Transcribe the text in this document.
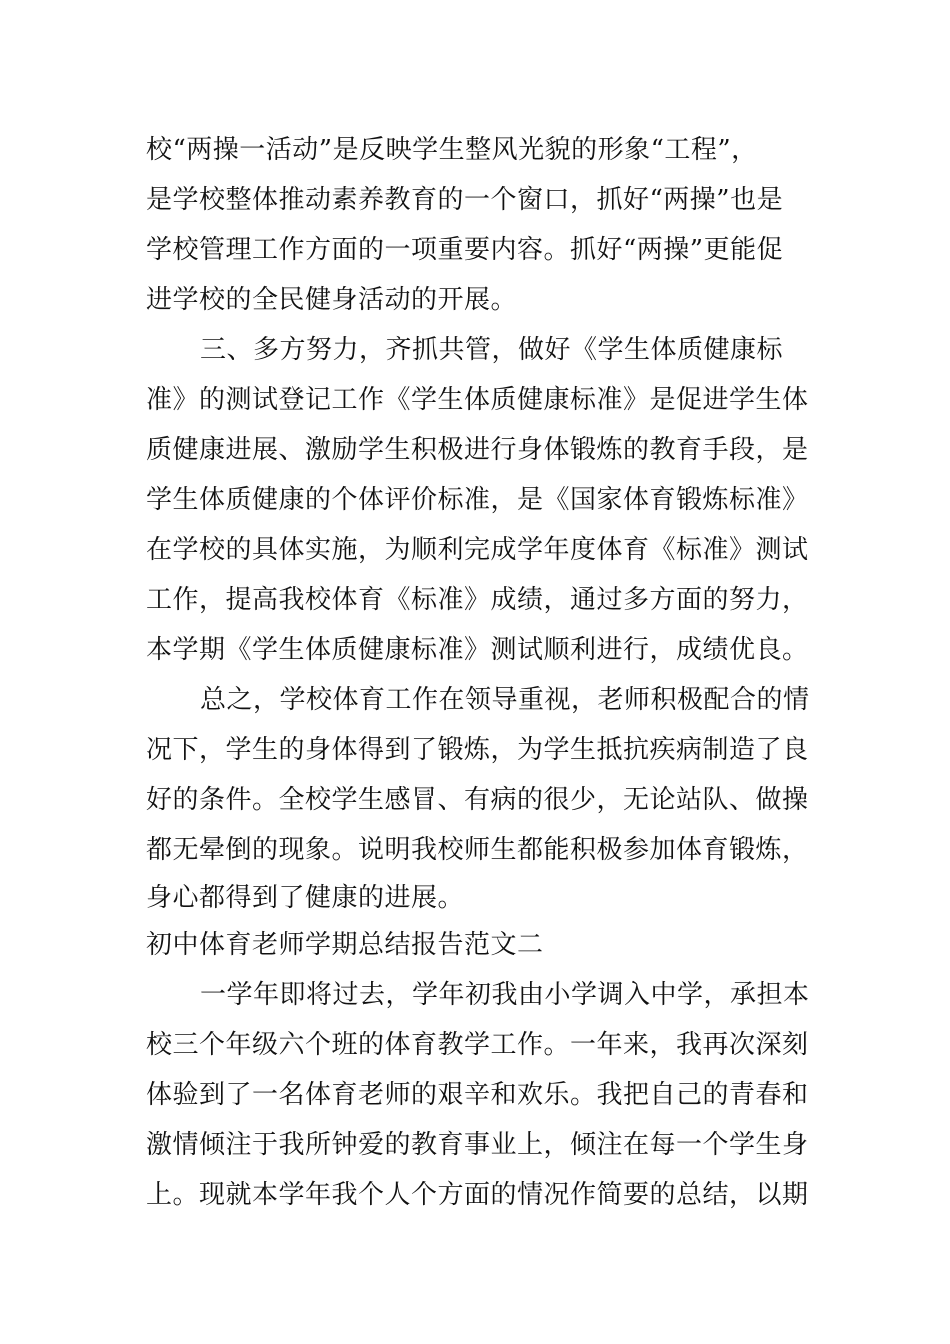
校“两操一活动”是反映学生整风光貌的形象“工程”，
是学校整体推动素养教育的一个窗口，抓好“两操”也是
学校管理工作方面的一项重要内容。抓好“两操”更能促
进学校的全民健身活动的开展。
三、多方努力，齐抓共管，做好《学生体质健康标
准》的测试登记工作《学生体质健康标准》是促进学生体
质健康进展、激励学生积极进行身体锻炼的教育手段，是
学生体质健康的个体评价标准，是《国家体育锻炼标准》
在学校的具体实施，为顺利完成学年度体育《标准》测试
工作，提高我校体育《标准》成绩，通过多方面的努力，
本学期《学生体质健康标准》测试顺利进行，成绩优良。
总之，学校体育工作在领导重视，老师积极配合的情
况下，学生的身体得到了锻炼，为学生抵抗疾病制造了良
好的条件。全校学生感冒、有病的很少，无论站队、做操
都无晕倒的现象。说明我校师生都能积极参加体育锻炼，
身心都得到了健康的进展。
初中体育老师学期总结报告范文二
一学年即将过去，学年初我由小学调入中学，承担本
校三个年级六个班的体育教学工作。一年来，我再次深刻
体验到了一名体育老师的艰辛和欢乐。我把自己的青春和
激情倾注于我所钟爱的教育事业上，倾注在每一个学生身
上。现就本学年我个人个方面的情况作简要的总结，以期
